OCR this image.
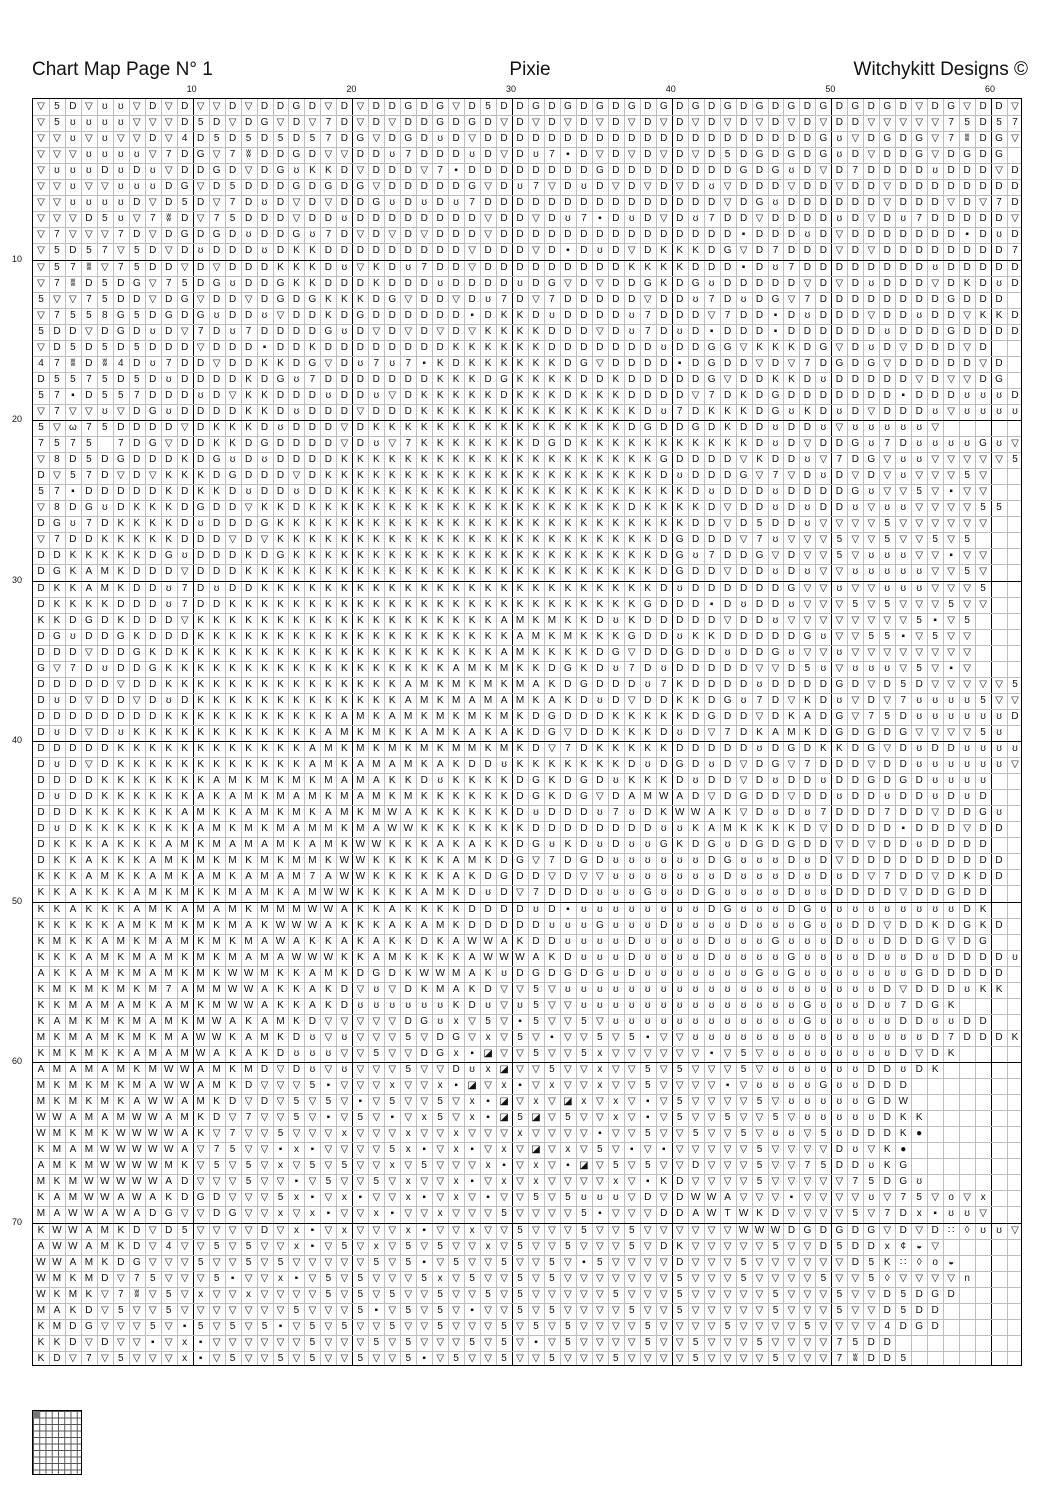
Chart Map Page N° 1	Pixie	Witchykitt Designs ©
10	20	30	40	50	60
10
20
30
40
50
60
70
▽ 5 D ▽ ʊ	ʊ ▽ D ▽ D ▽ ▽ D ▽ D D G D ▽ D ▽ D D G D G ▽ D 5 D D G D G D G D G D G D G D G D G D G D G D G D G D ▽ D G ▽ D D ▽
▽ 5	ʊ	ʊ	ʊ	ʊ ▽ ▽ ▽ D 5 D ▽ D G ▽ D ▽ 7 D ▽ D ▽ D D G D G D ▽ D ▽ D ▽ D ▽ D ▽ D ▽ D ▽ D ▽ D ▽ D ▽ D ▽ D D ▽ ▽ ▽ ▽ ▽ 7	5 D 5	7
▽ ▽ ʊ ▽ ʊ ▽ ▽ D ▽ 4 D 5 D 5 D 5 D 5	7 D G ▽ D G D ʊ D ▽ D D D D D D D D D D D D D D D D D D D D D G ʊ ▽ D G D G ▽ 7	ʬ D G ▽
▽ ▽ ▽ ʊ	ʊ	ʊ	ʊ ▽ 7 D G ▽ 7	ʬ D D G D ▽ ▽ D D ʊ	7 D D D ʊ D ▽ D ʊ	7	▪	D ▽ D ▽ D ▽ D ▽ D 5 D G D G D G ʊ D ▽ D D G ▽ D G D G
▽ ʊ	ʊ	ʊ D ʊ D ʊ ▽ D D G D ▽ D G ʊ K K D ▽ D D D ▽ 7	▪	D D D D D D D D G D D D D D D D D G D G ʊ D ▽ D 7 D D D D ʊ D D D ▽ D
▽ ▽ ʊ ▽ ▽ ʊ	ʊ	ʊ D G ▽ D 5 D D D G D G D G ▽ D D D D D G ▽ D ʊ	7 ▽ D ʊ D ▽ D ▽ D ▽ D ʊ ▽ D D D ▽ D D ▽ D D ▽ D D D D D D D D
▽ ▽ ʊ	ʊ	ʊ	ʊ D ▽ D 5 D ▽ 7 D ʊ D ▽ D ▽ D D G ʊ D ʊ D ʊ	7 D D D D D D D D D D D D D D D ▽ D G ʊ D D D D D D ▽ D D D ▽ D ▽ 7 D
▽ ▽ ▽ D 5	ʊ ▽ 7	ʬ D ▽ 7	5 D D D ▽ D D ʊ D D D D D D D D ▽ D D ▽ D ʊ	7	▪	D ʊ D ▽ D ʊ	7 D D ▽ D D D D ʊ D ▽ D ʊ	7 D D D D D ▽
▽ 7 ▽ ▽ ▽ 7 D ▽ D G D G D ʊ D D G ʊ	7 D ▽ D ▽ D ▽ D D D ▽ D D D D D D D D D D D D D D D	▪	D D D ʊ D ▽ D D D D D D D	▪	D ʊ D
▽ 5 D 5	7 ▽ 5 D ▽ D ʊ D D D ʊ D K K D D D D D D D D D ▽ D D D ▽ D	▪	D ʊ D ▽ D K K K D G ▽ D 7 D D D ▽ D ▽ D D D D D D D D 7
▽ 5	7	ʬ ▽ 7	5 D D ▽ D ▽ D D D K K K D ʊ ▽ K D ʊ	7 D D ▽ D D D D D D D D D K K K K D D D	▪	D ʊ	7 D D D D D D D D ʊ D D D D D
▽ 7	ʬ D 5 D G ▽ 7	5 D G ʊ D D G K K D D D K D D D ʊ D D D D ʊ D G ▽ D ▽ D D G K D G ʊ D D D D D ▽ D ▽ D ʊ D D D ▽ D K D ʊ D
5 ▽ ▽ 7	5 D D ▽ D G ▽ D D ▽ D G D G K K K D G ▽ D D ▽ D ʊ	7 D ▽ 7 D D D D D ▽ D D ʊ	7 D ʊ D G ▽ 7 D D D D D D D D G D D D
▽ 7	5	5	8 G 5 D G D G ʊ D D ʊ ▽ D D K D G D D D D D D	▪	D K K D ʊ D D D D ʊ	7 D D D ▽ 7 D D	▪	D ʊ D D D ▽ D D ʊ D D ▽ K K D
5 D D ▽ D G D ʊ D ▽ 7 D ʊ	7 D D D D G ʊ D ▽ D ▽ D ▽ D ▽ K K K K D D D ▽ D ʊ	7 D ʊ D	▪	D D D	▪	D D D D D D ʊ D D D G D D D D
▽ D 5 D 5 D 5 D D D ▽ D D D	▪	D D K D D D D D D D D K K K K K K D D D D D D D ʊ D D G G ▽ K K K D G ▽ D ʊ D ▽ D D D ▽ D
4	7	ʬ D ʬ	4 D ʊ	7 D D ▽ D D K K D G ▽ D ʊ	7	ʊ	7	▪	K D K K K K K K D G ▽ D D D D	▪	D G D D ▽ D ▽ 7 D G D G ▽ D D D D D ▽ D
D 5	5	7	5 D 5 D ʊ D D D D K D G ʊ	7 D D D D D D D K K K D G K K K K D D K D D D D D G ▽ D D K K D ʊ D D D D D ▽ D ▽ ▽ D G
5	7	▪	D 5	5	7 D D D ʊ D ▽ K K D D D ʊ D D ʊ ▽ D K K K K K D K K K D K K K D D D D ▽ 7 D K D G D D D D D D D	▪	D D D ʊ	ʊ	ʊ D
▽ 7 ▽ ▽ ʊ ▽ D G ʊ D D D D K K D ʊ D D D ▽ D D D K K K K K K K K K K K K K K D ʊ	7 D K K K D G ʊ K D ʊ D ▽ D D D ʊ ▽ ʊ	ʊ	ʊ	ʊ
5 ▽ ω 7	5 D D D D ▽ D K K K D ʊ D D D ▽ D K K K K K K K K K K K K K K K K D G D D G D K D D ʊ D D ʊ ▽ ʊ	ʊ	ʊ	ʊ	ʊ ▽
7	5	7	5	7 D G ▽ D D K K D G D D D D ▽ D ʊ ▽ 7 K K K K K K K D G D K K K K K K K K K K K D ʊ D ▽ D D G ʊ	7 D ʊ	ʊ	ʊ	ʊ G ʊ ▽
▽ 8 D 5 D G D D D K D G ʊ D ʊ D D D D K K K K K K K K K K K K K K K K K K K K G D D D D ▽ K D D ʊ ▽ 7 D G ▽ ʊ	ʊ ▽ ▽ ▽ ▽ ▽ 5
D ▽ 5	7 D ▽ D ▽ K K K D G D D D ▽ D K K K K K K K K K K K K K K K K K K K K K D ʊ D D D G ▽ 7 ▽ D ʊ D ▽ D ▽ ʊ ▽ ▽ ▽ 5 ▽
5	7	▪	D D D D D K D K K D ʊ D D ʊ D D K K K K K K K K K K K K K K K K K K K K K K D ʊ D D D ʊ D D D D G ʊ ▽ ▽ 5 ▽	▪	▽ ▽
▽ 8 D G ʊ D K K K D G D D ▽ K K D K K K K K K K K K K K K K K K K K K K K D K K K K D ▽ D D ʊ D ʊ D D ʊ ▽ ʊ	ʊ ▽ ▽ ▽ ▽ 5	5
D G ʊ	7 D K K K K D ʊ D D D G K K K K K K K K K K K K K K K K K K K K K K K K K K D D ▽ D 5 D D ʊ ▽ ▽ ▽ ▽ 5 ▽ ▽ ▽ ▽ ▽ ▽
▽ 7 D D K K K K K D D D ▽ D ▽ K K K K K K K K K K K K K K K K K K K K K K K K D G D D D ▽ 7	ʊ ▽ ▽ ▽ 5 ▽ ▽ 5 ▽ ▽ 5 ▽ 5
D D K K K K K D G ʊ D D D K D G K K K K K K K K K K K K K K K K K K K K K K K D G ʊ	7 D D G ▽ D ▽ ▽ 5 ▽ ʊ	ʊ	ʊ ▽ ▽	▪	▽ ▽
D G K A M K D D D ▽ D D D K K K K K K K K K K K K K K K K K K K K K K K K K K D G D D ▽ D D ʊ D ʊ ▽ ▽ ʊ	ʊ	ʊ	ʊ	ʊ ▽ ▽ 5 ▽
D K K A M K D D ʊ	7 D ʊ D D K K K K K K K K K K K K K K K K K K K K K K K K K D ʊ D D D D D D G ▽ ▽ ʊ ▽ ▽ ʊ	ʊ	ʊ ▽ ▽ ▽ 5
D K K K K D D D ʊ	7 D D K K K K K K K K K K K K K K K K K K K K K K K K K K G D D D	▪	D ʊ D D ʊ ▽ ▽ ▽ 5 ▽ 5 ▽ ▽ ▽ 5 ▽ ▽
K K D G D K D D D ▽ K K K K K K K K K K K K K K K K K K K A M K M K K D ʊ K D D D D D ▽ D D ʊ ▽ ▽ ▽ ▽ ▽ ▽ ▽ ▽ 5	▪	▽ 5
D G ʊ D D G K D D D K K K K K K K K K K K K K K K K K K K K A M K M K K K G D D ʊ K K D D D D D G ʊ ▽ ▽ 5	5	▪	▽ 5 ▽ ▽
D D D ▽ D D G K D K K K K K K K K K K K K K K K K K K K K A M K K K K D G ▽ D D G D D ʊ D D G ʊ ▽ ▽ ʊ ▽ ▽ ▽ ▽ ▽ ▽ ▽ ▽
G ▽ 7 D ʊ D D G K K K K K K K K K K K K K K K K K K A M K M K K D G K D ʊ	7 D ʊ D D D D D ▽ ▽ D 5	ʊ ▽ ʊ	ʊ	ʊ ▽ 5 ▽	▪	▽
D D D D D ▽ D D K K K K K K K K K K K K K K K A M K M K M K M A K D G D D D ʊ	7 K D D D D ʊ D D D D G D ▽ D 5 D ▽ ▽ ▽ ▽ ▽ 5
D ʊ D ▽ D D ▽ D ʊ D K K K K K K K K K K K K K A M K M A M A M K A K D ʊ D ▽ D D K K D G ʊ	7 D ▽ K D ʊ ▽ D ▽ 7	ʊ	ʊ	ʊ	ʊ	5 ▽ ▽
D D D D D D D D K K K K K K K K K K K A M K A M K M K M K M K D G D D D K K K K K D G D D ▽ D K A D G ▽ 7	5 D ʊ	ʊ	ʊ	ʊ	ʊ	ʊ D
D ʊ D ▽ D ʊ K K K K K K K K K K K K A M K M K K A M K A K A K D G ▽ D D K K K D ʊ D ▽ 7 D K A M K D G D G D G ▽ ▽ ▽ ▽ 5	ʊ
D D D D D K K K K K K K K K K K K A M K M K M K M K M M K M K D ▽ 7 D K K K K K D D D D D ʊ D G D K K D G ▽ D ʊ D D ʊ	ʊ	ʊ	ʊ
D ʊ D ▽ D K K K K K K K K K K K K A M K A M A M K A K D D ʊ K K K K K K K D ʊ D G D ʊ D ▽ D G ▽ 7 D D D ▽ D D ʊ	ʊ	ʊ	ʊ	ʊ	ʊ ▽
D D D D K K K K K K K A M K M K M K M A M A K K D ʊ K K K K D G K D G D ʊ K K K D ʊ D D ▽ D ʊ D D ʊ D D G D G D ʊ	ʊ	ʊ	ʊ
D ʊ D D K K K K K K A K A M K M A M K M A M K M K K K K K K D G K D G ▽ D A M W A D ▽ D G D D ▽ D D ʊ D D ʊ D D ʊ D ʊ D
D D D K K K K K K A M K K A M K M K A M K M W A K K K K K K D ʊ D D D ʊ	7	ʊ D K W W A K ▽ D ʊ D ʊ	7 D D D 7 D D ▽ D D G ʊ
D ʊ D K K K K K K K A M K M K M A M M K M A W W K K K K K K K D D D D D D D D ʊ	ʊ K A M K K K K D ▽ D D D D	▪	D D D ▽ D D
D K K K A K K K A M K M A M A M K A M K W W K K K A K A K K D G ʊ K D ʊ D ʊ	ʊ G K D G ʊ D G D G D D ▽ D ▽ D D ʊ D D D D
D K K A K K K A M K M K M K M K M M K W W K K K K K A M K D G ▽ 7 D G D ʊ	ʊ	ʊ	ʊ	ʊ	ʊ D G ʊ	ʊ	ʊ D ʊ D ▽ D D D D D D D D D D
K K K A M K K A M K A M K A M A M 7 A W W K K K K K A K D G D D ▽ D ▽ ▽ ʊ	ʊ	ʊ	ʊ	ʊ	ʊ	ʊ D ʊ	ʊ	ʊ D ʊ D ʊ D ▽ 7 D D ▽ D K D D
K K A K K K A M K M K K M A M K A M W W K K K K A M K D ʊ D ▽ 7 D D D ʊ	ʊ	ʊ G ʊ	ʊ D G ʊ	ʊ	ʊ	ʊ D ʊ	ʊ D D D D ▽ D D G D D
K K A K K K A M K A M A M K M M M W W A K K A K K K K D D D D ʊ D	▪	ʊ	ʊ	ʊ	ʊ	ʊ	ʊ	ʊ	ʊ D G ʊ	ʊ	ʊ D G ʊ	ʊ	ʊ	ʊ	ʊ	ʊ	ʊ	ʊ	ʊ D K
K K K K K A M K M K M K M A K W W W A K K K A K A M K D D D D D ʊ	ʊ	ʊ G ʊ	ʊ	ʊ D ʊ	ʊ	ʊ	ʊ D ʊ	ʊ	ʊ G ʊ	ʊ D D ▽ D D K D G K D
K M K K A M K M A M K M K M A W A K K A K A K K D K A W W A K D D ʊ	ʊ	ʊ	ʊ D ʊ	ʊ	ʊ	ʊ D ʊ	ʊ	ʊ G ʊ	ʊ	ʊ D ʊ	ʊ D D D G ▽ D G
K K K A M K M A M K M K M A M A W W W K K A M K K K K A W W W A K D ʊ	ʊ	ʊ D ʊ	ʊ	ʊ	ʊ D ʊ	ʊ	ʊ	ʊ G ʊ	ʊ	ʊ	ʊ D ʊ	ʊ D ʊ D D D D ʊ
A K K A M K M A M K M K W W M K K A M K D G D K W W M A K ʊ D G D G D G ʊ D ʊ	ʊ	ʊ	ʊ	ʊ	ʊ	ʊ G ʊ G ʊ	ʊ	ʊ	ʊ	ʊ	ʊ	ʊ G D D D D D
K M K M K M K M 7 A M M W W A K K A K D ▽ ʊ ▽ D K M A K D ▽ ▽ 5 ▽ ʊ	ʊ	ʊ	ʊ	ʊ	ʊ	ʊ	ʊ	ʊ	ʊ	ʊ	ʊ	ʊ	ʊ	ʊ	ʊ	ʊ	ʊ	ʊ	ʊ D ▽ D D D ʊ K K
K K M A M A M K A M K M W W A K K A K D ʊ	ʊ	ʊ	ʊ	ʊ	ʊ K D ʊ ▽ ʊ	5 ▽ ▽ ʊ	ʊ	ʊ	ʊ	ʊ	ʊ	ʊ	ʊ	ʊ	ʊ	ʊ	ʊ	ʊ	ʊ G ʊ	ʊ	ʊ D ʊ	7 D G K
K A M K M K M A M K M W A K A M K D ▽ ▽ ▽ ▽ ▽ D G ʊ	x ▽ 5 ▽	▪	5 ▽ ▽ 5 ▽ ʊ	ʊ	ʊ	ʊ	ʊ	ʊ	ʊ	ʊ	ʊ	ʊ	ʊ	ʊ G ʊ	ʊ	ʊ	ʊ	ʊ D D ʊ	ʊ D D
M K M A M K M K M A W W K A M K D ʊ ▽ ʊ ▽ ▽ ▽ 5 ▽ D G ▽ x ▽ 5 ▽	▪	▽ ▽ 5 ▽ 5	▪	▽ ▽ ʊ	ʊ	ʊ	ʊ	ʊ	ʊ	ʊ	ʊ	ʊ	ʊ	ʊ	ʊ	ʊ	ʊ	ʊ D 7 D D D K
K M K M K K A M A M W A K A K D ʊ	ʊ	ʊ ▽ ▽ 5 ▽ ▽ D G x	▪ ◪ ▽ ▽ 5 ▽ ▽ 5	x ▽ ▽ ▽ ▽ ▽ ▽	▪	▽ 5 ▽ ʊ	ʊ	ʊ	ʊ	ʊ	ʊ	ʊ	ʊ D ▽ D K
A M A M A M K M W W A M K M D ▽ D ʊ ▽ ʊ ▽ ▽ ▽ 5 ▽ ▽ D ʊ	x ◪ ▽ ▽ 5 ▽ ▽ x ▽ ▽ 5 ▽ 5 ▽ ▽ ▽ 5 ▽ ʊ	ʊ	ʊ	ʊ	ʊ	ʊ D D ʊ D K
M K M K M K M A W W A M K D ▽ ▽ ▽ 5	▪	▽ ▽ ▽ x ▽ ▽ x	▪ ◪ ▽ x	▪	▽ x ▽ ▽ x ▽ ▽ 5 ▽ ▽ ▽ ▽	▪	▽ ʊ	ʊ	ʊ	ʊ G ʊ	ʊ D D D
M K M K M K A W W A M K D ▽ D ▽ 5 ▽ 5 ▽	▪	▽ 5 ▽ ▽ 5 ▽ x	▪ ◪ ▽ x ▽ ◪ x ▽ x ▽	▪	▽ 5 ▽ ▽ ▽ ▽ 5 ▽ ʊ	ʊ	ʊ	ʊ	ʊ G D W
W W A M A M W W A M K D ▽ 7 ▽ ▽ 5 ▽	▪	▽ 5 ▽	▪	▽ x	5 ▽ x	▪ ◪ 5 ◪ ▽ 5 ▽ ▽ x ▽	▪	▽ 5 ▽ ▽ 5 ▽ ▽ 5 ▽ ʊ	ʊ	ʊ	ʊ	ʊ D K K
W M K M K W W W W A K ▽ 7 ▽ ▽ 5 ▽ ▽ ▽ x ▽ ▽ ▽ x ▽ ▽ x ▽ ▽ ▽ x ▽ ▽ ▽ ▽	▪	▽ ▽ 5 ▽ ▽ 5 ▽ ▽ 5 ▽ ʊ	ʊ ▽ 5	ʊ D D D K ●
K M A M W W W W W A ▽ 7	5 ▽ ▽	▪	x	▪	▽ ▽ ▽ ▽ 5	x	▪	▽ x	▪	▽ x ▽ ◪ ▽ x ▽ 5 ▽	▪	▽	▪	▽ ▽ ▽ ▽ ▽ 5 ▽ ▽ ▽ ▽ D ʊ ▽ K ●
A M K M W W W W M K ▽ 5 ▽ 5 ▽ x ▽ 5 ▽ 5 ▽ ▽ x ▽ 5 ▽ ▽ ▽ x	▪	▽ x ▽	▪ ◪ ▽ 5 ▽ 5 ▽ ▽ D ▽ ▽ ▽ 5 ▽ ▽ 7	5 D D ʊ K G
M K M W W W W W A D ▽ ▽ ▽ 5 ▽ ▽	▪	▽ 5 ▽ ▽ 5 ▽ x ▽ ▽ x	▪	▽ x ▽ x ▽ ▽ ▽ ▽ x ▽	▪	K D ▽ ▽ ▽ ▽ 5 ▽ ▽ ▽ ▽ ▽ 7	5 D G ʊ
K A M W W A W A K D G D ▽ ▽ ▽ 5	x	▪	▽ x	▪	▽ ▽ x	▪	▽ x ▽	▪	▽ ▽ 5 ▽ 5	ʊ	ʊ	ʊ ▽ D ▽ D W W A ▽ ▽ ▽	▪	▽ ▽ ▽ ▽ ʊ ▽ 7	5 ▽ o ▽ x
M A W W A W A D G ▽ ▽ D G ▽ ▽ x ▽ x	▪	▽ ▽ x	▪	▽ ▽ x ▽ ▽ ▽ 5 ▽ ▽ ▽ ▽ 5	▪	▽ ▽ ▽ D D A W T W K D ▽ ▽ ▽ ▽ 5 ▽ 7 D x	▪	ʊ	ʊ ▽
K W W A M K D ▽ D 5 ▽ ▽ ▽ ▽ D ▽ x	▪	▽ x ▽ ▽ ▽ x	▪	▽ ▽ x ▽ ▽ 5 ▽ ▽ ▽ 5 ▽ ▽ 5 ▽ ▽ ▽ ▽ ▽ ▽ W W W D G D G D G ▽ D ▽ D ∷	◊	ʊ	ʊ ▽
A W W A M K D ▽ 4 ▽ ▽ 5 ▽ 5 ▽ ▽ x	▪	▽ 5 ▽ x ▽ 5 ▽ 5 ▽ ▽ x ▽ 5 ▽ ▽ 5 ▽ ▽ ▽ 5 ▽ D K ▽ ▽ ▽ ▽ ▽ 5 ▽ ▽ D 5 D D x	¢	◒ ▽
W W A M K D G ▽ ▽ ▽ 5 ▽ ▽ 5 ▽ 5 ▽ ▽ ▽ ▽ ▽ 5 ▽ 5	▪	▽ 5 ▽ ▽ 5 ▽ ▽ 5 ▽	▪	5 ▽ ▽ ▽ ▽ D ▽ ▽ ▽ 5 ▽ ▽ ▽ ▽ ▽ ▽ D 5 K ∷	◊	o	◒
W M K M D ▽ 7	5 ▽ ▽ ▽ 5	▪	▽ ▽ x	▪	▽ 5 ▽ 5 ▽ ▽ ▽ 5	x ▽ 5 ▽ ▽ 5 ▽ 5 ▽ ▽ ▽ ▽ ▽ ▽ ▽ 5 ▽ ▽ ▽ 5 ▽ ▽ ▽ ▽ 5 ▽ ▽ 5	◊ ▽ ▽ ▽ ▽ n
W K M K ▽ 7	ʬ ▽ 5 ▽ x ▽ ▽ x ▽ ▽ ▽ ▽ 5 ▽ 5 ▽ 5 ▽ ▽ 5 ▽ ▽ 5 ▽ 5 ▽ ▽ ▽ ▽ ▽ 5 ▽ ▽ ▽ 5 ▽ ▽ ▽ ▽ ▽ 5 ▽ ▽ ▽ 5 ▽ ▽ D 5 D G D
M A K D ▽ 5 ▽ ▽ 5 ▽ ▽ ▽ ▽ ▽ ▽ ▽ 5 ▽ ▽ ▽ 5	▪	▽ 5 ▽ 5 ▽	▪	▽ ▽ 5 ▽ 5 ▽ ▽ ▽ ▽ 5 ▽ ▽ 5 ▽ ▽ ▽ ▽ ▽ 5 ▽ ▽ ▽ 5 ▽ ▽ D 5 D D
K M D G ▽ ▽ ▽ 5 ▽	▪	5 ▽ 5 ▽ 5	▪	▽ 5 ▽ 5 ▽ ▽ 5 ▽ ▽ 5 ▽ ▽ ▽ 5 ▽ 5 ▽ 5 ▽ ▽ ▽ ▽ 5 ▽ ▽ ▽ ▽ 5 ▽ ▽ ▽ ▽ 5 ▽ ▽ ▽ ▽ 4 D G D
K K D ▽ D ▽ ▽	▪	▽ x	▪	▽ ▽ ▽ ▽ ▽ ▽ 5 ▽ ▽ ▽ 5 ▽ 5 ▽ ▽ ▽ 5 ▽ 5 ▽	▪	▽ 5 ▽ ▽ ▽ ▽ 5 ▽ ▽ 5 ▽ ▽ ▽ 5 ▽ ▽ ▽ ▽ 7	5 D D
K D ▽ 7 ▽ 5 ▽ ▽ ▽ x	▪	▽ 5 ▽ ▽ 5 ▽ 5 ▽ ▽ 5 ▽ ▽ 5	▪	▽ 5 ▽ ▽ 5 ▽ ▽ 5 ▽ ▽ ▽ 5 ▽ ▽ ▽ ▽ 5 ▽ ▽ ▽ ▽ 5 ▽ ▽ ▽ 7	ʬ D D 5
